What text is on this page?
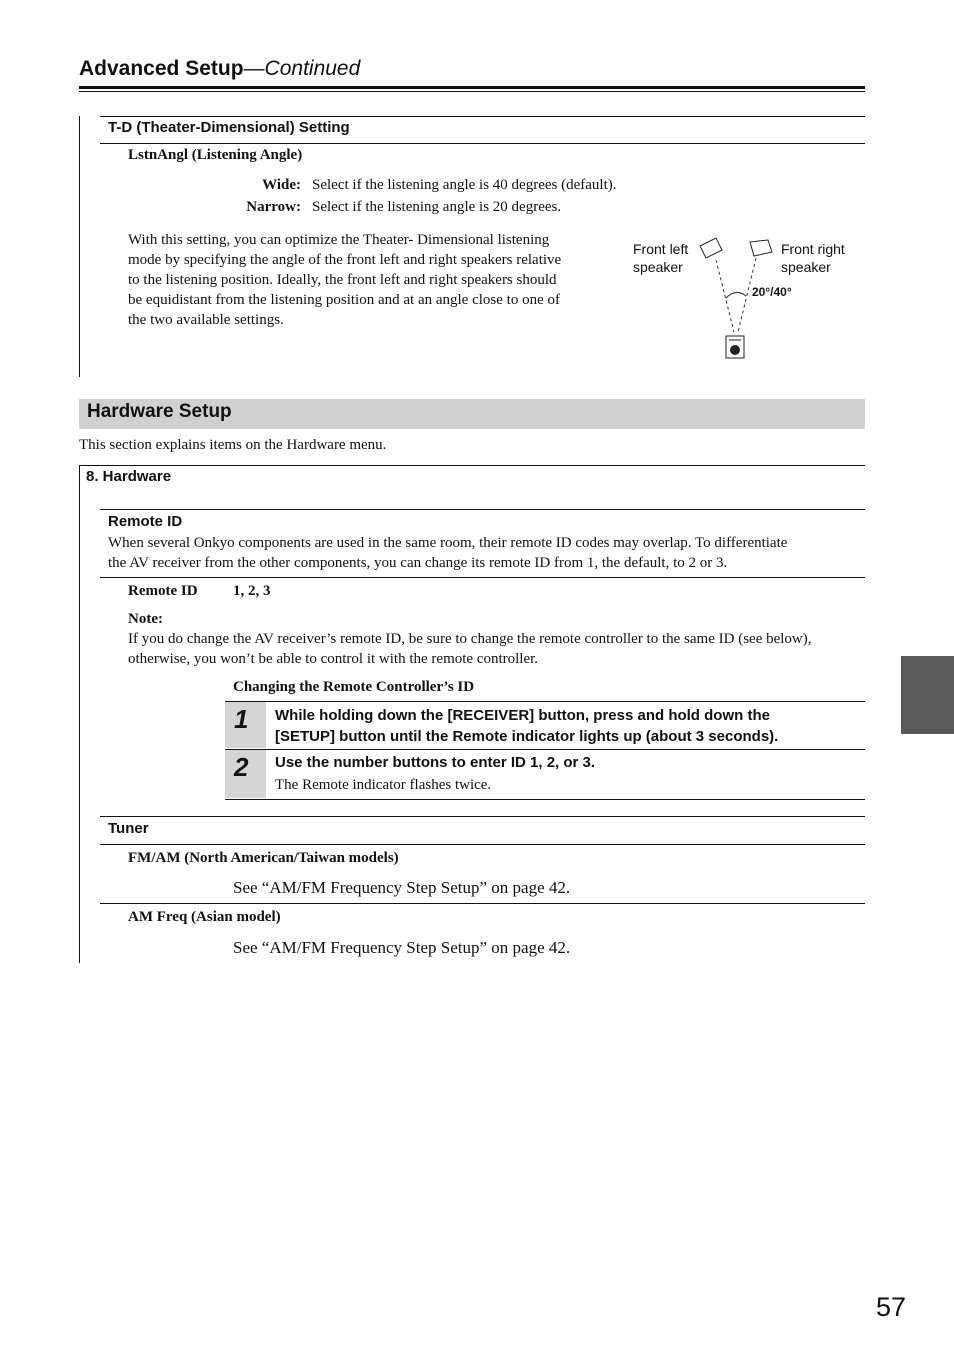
Advanced Setup—Continued
T-D (Theater-Dimensional) Setting
LstnAngl (Listening Angle)
Wide: Select if the listening angle is 40 degrees (default).
Narrow: Select if the listening angle is 20 degrees.
With this setting, you can optimize the Theater- Dimensional listening
mode by specifying the angle of the front left and right speakers relative
to the listening position. Ideally, the front left and right speakers should
be equidistant from the listening position and at an angle close to one of
the two available settings.
Front left
speaker
Front right
speaker
20°/40°
Hardware Setup
This section explains items on the Hardware menu.
8. Hardware
Remote ID
When several Onkyo components are used in the same room, their remote ID codes may overlap. To differentiate
the AV receiver from the other components, you can change its remote ID from 1, the default, to 2 or 3.
Remote ID 1, 2, 3
Note:
If you do change the AV receiver’s remote ID, be sure to change the remote controller to the same ID (see below),
otherwise, you won’t be able to control it with the remote controller.
Changing the Remote Controller’s ID
1 While holding down the [RECEIVER] button, press and hold down the
[SETUP] button until the Remote indicator lights up (about 3 seconds).
2 Use the number buttons to enter ID 1, 2, or 3.
The Remote indicator flashes twice.
Tuner
FM/AM (North American/Taiwan models)
See “AM/FM Frequency Step Setup” on page 42.
AM Freq (Asian model)
See “AM/FM Frequency Step Setup” on page 42.
57
